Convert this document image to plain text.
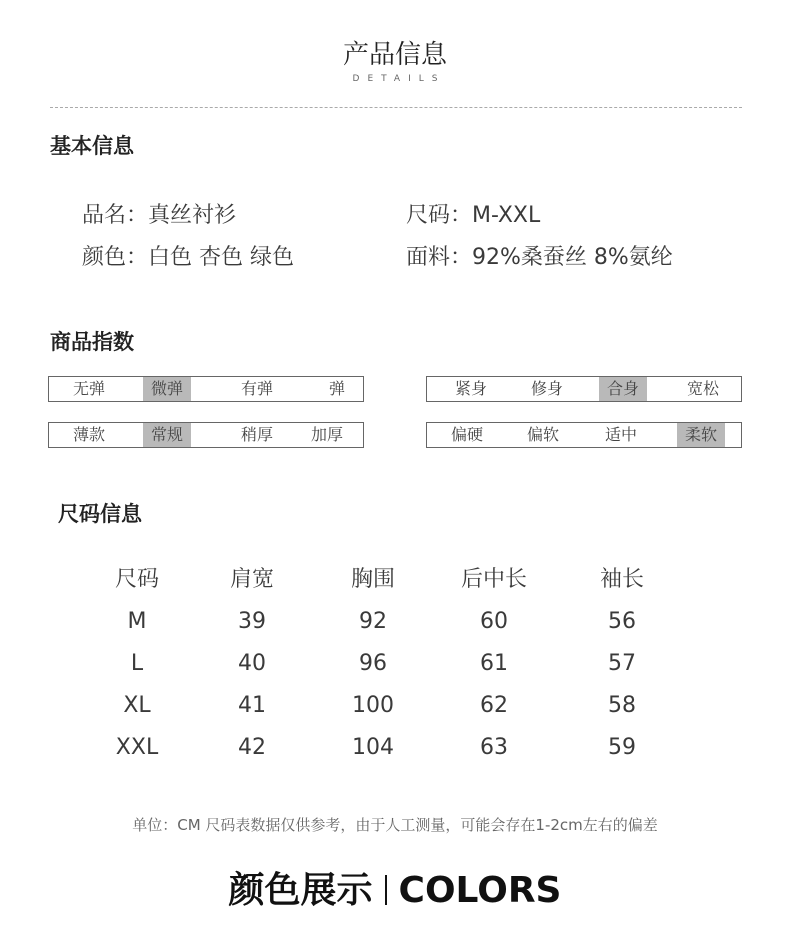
产品信息
DETAILS
基本信息
品名：真丝衬衫	尺码：M-XXL
颜色：白色 杏色 绿色	面料：92%桑蚕丝 8%氨纶
商品指数
无弹	微弹	有弹	弹	紧身	修身	合身	宽松
薄款	常规	稍厚	加厚	偏硬	偏软	适中	柔软
尺码信息
尺码	肩宽	胸围	后中长	袖长
M	39	92	60	56
L	40	96	61	57
XL	41	100	62	58
XXL	42	104	63	59
单位：CM 尺码表数据仅供参考，由于人工测量，可能会存在1-2cm左右的偏差
颜色展示 COLORS
